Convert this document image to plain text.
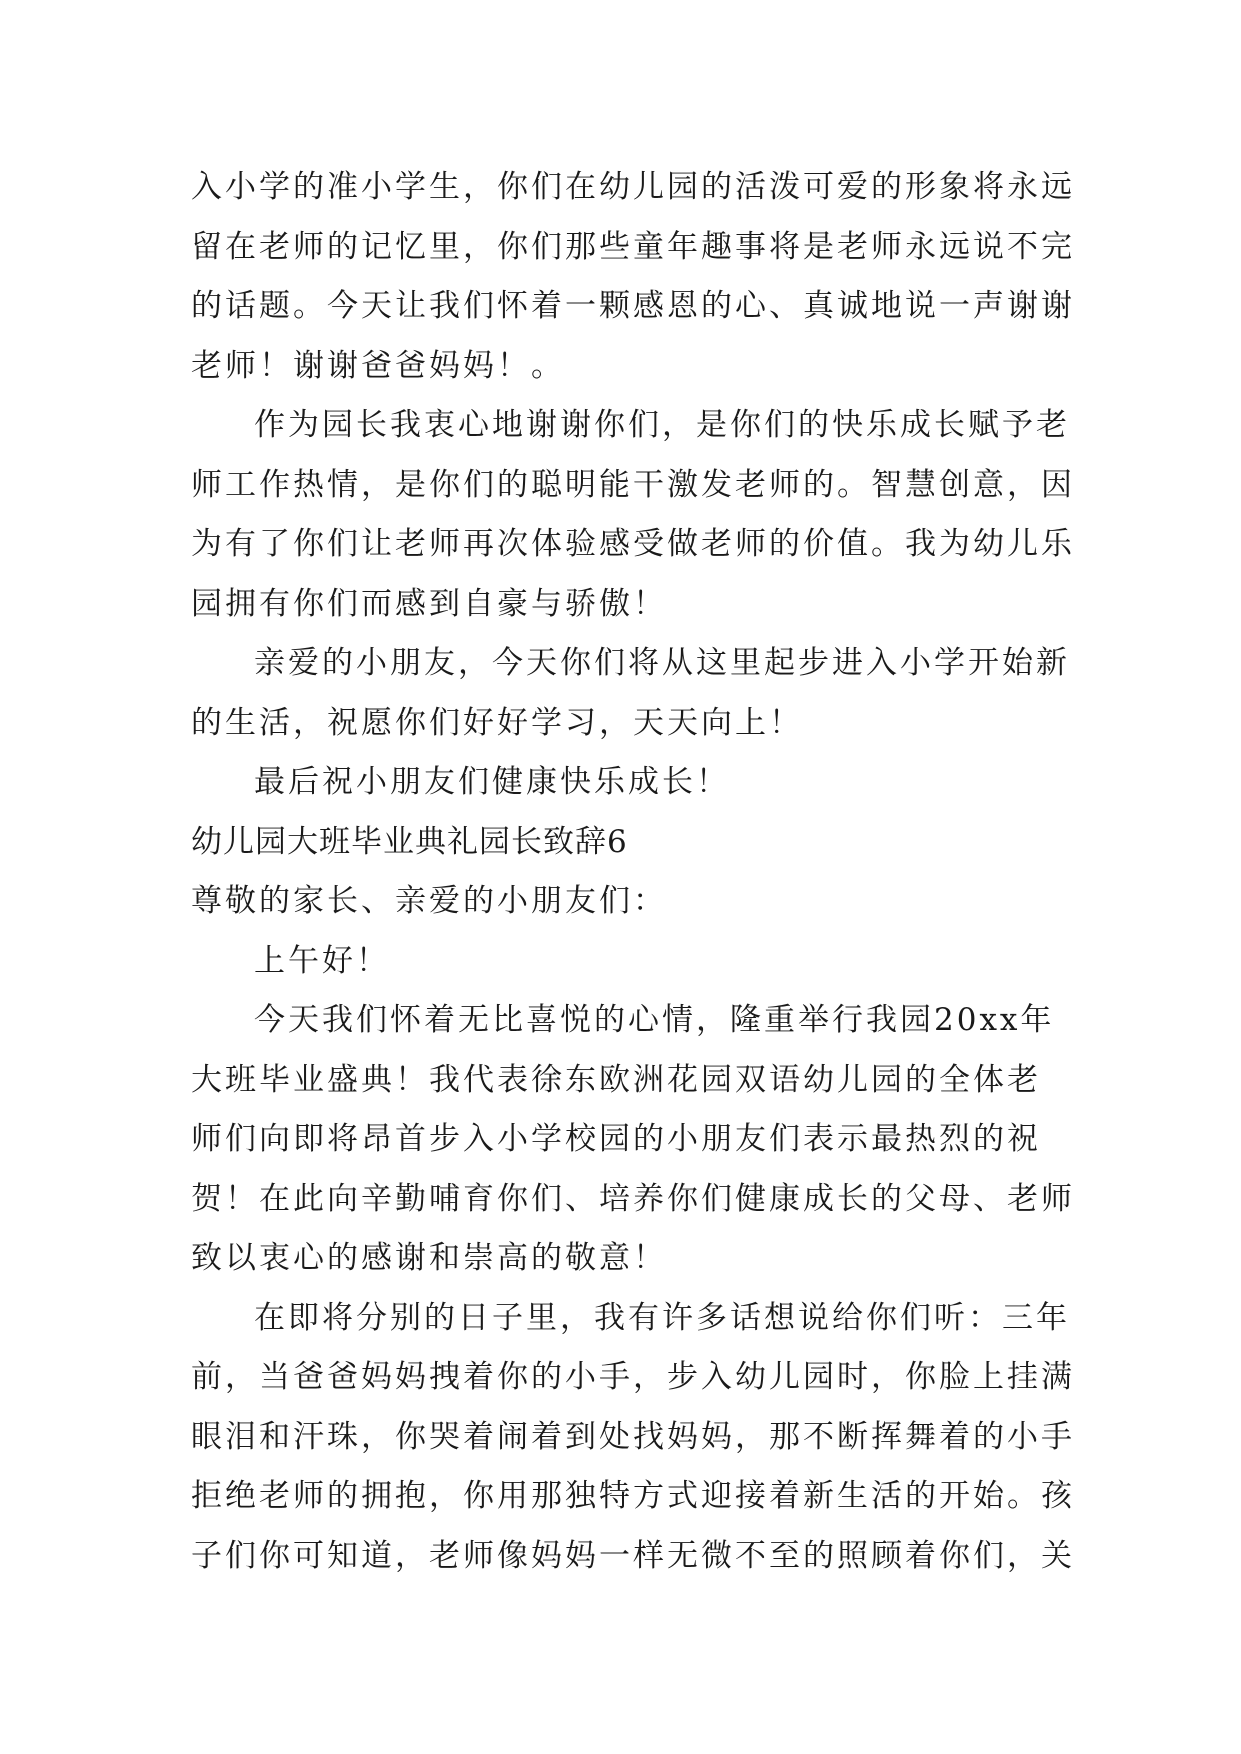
入小学的准小学生，你们在幼儿园的活泼可爱的形象将永远

留在老师的记忆里，你们那些童年趣事将是老师永远说不完

的话题。今天让我们怀着一颗感恩的心、真诚地说一声谢谢

老师！谢谢爸爸妈妈！。

作为园长我衷心地谢谢你们，是你们的快乐成长赋予老

师工作热情，是你们的聪明能干激发老师的。智慧创意，因

为有了你们让老师再次体验感受做老师的价值。我为幼儿乐

园拥有你们而感到自豪与骄傲！

亲爱的小朋友，今天你们将从这里起步进入小学开始新

的生活，祝愿你们好好学习，天天向上！

最后祝小朋友们健康快乐成长！

幼儿园大班毕业典礼园长致辞6

尊敬的家长、亲爱的小朋友们：

上午好！

今天我们怀着无比喜悦的心情，隆重举行我园20xx年

大班毕业盛典！我代表徐东欧洲花园双语幼儿园的全体老

师们向即将昂首步入小学校园的小朋友们表示最热烈的祝

贺！在此向辛勤哺育你们、培养你们健康成长的父母、老师

致以衷心的感谢和崇高的敬意！

在即将分别的日子里，我有许多话想说给你们听：三年

前，当爸爸妈妈拽着你的小手，步入幼儿园时，你脸上挂满

眼泪和汗珠，你哭着闹着到处找妈妈，那不断挥舞着的小手

拒绝老师的拥抱，你用那独特方式迎接着新生活的开始。孩

子们你可知道，老师像妈妈一样无微不至的照顾着你们，关
